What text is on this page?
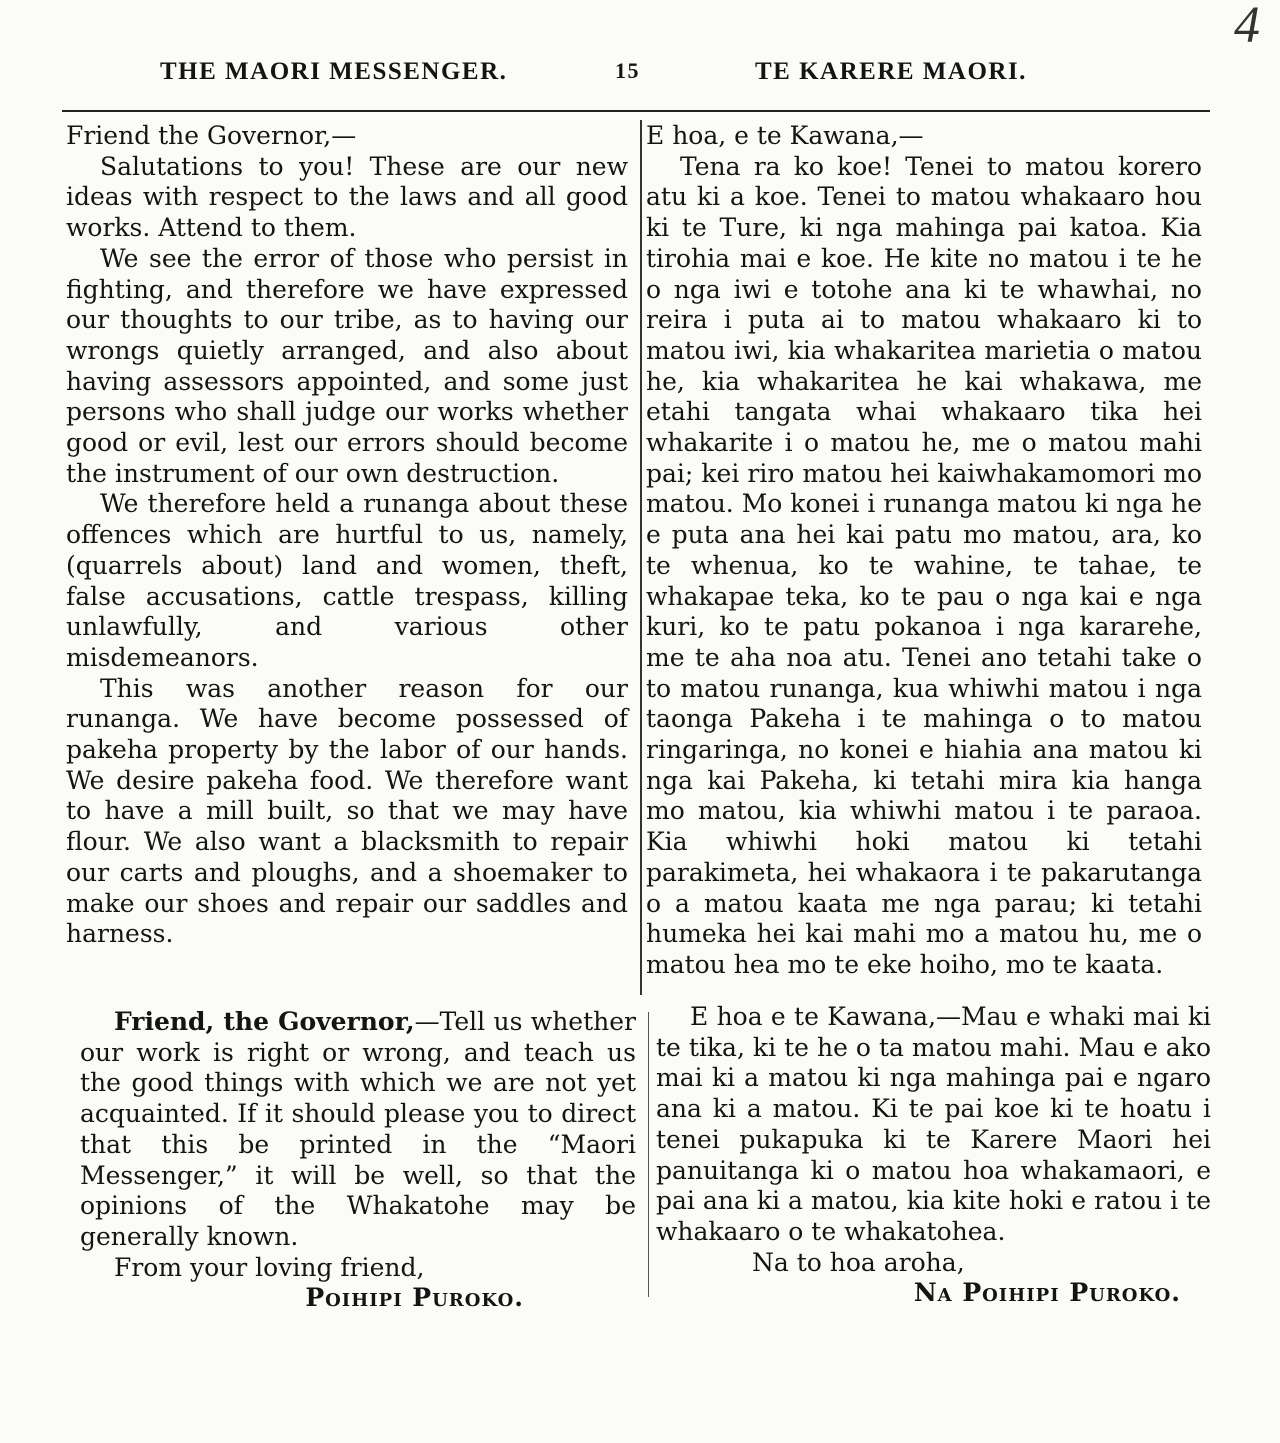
THE MAORI MESSENGER.	15	TE KARERE MAORI.
4

Friend the Governor,—

Salutations to you! These are our new ideas with respect to the laws and all good works. Attend to them.

We see the error of those who persist in fighting, and therefore we have expressed our thoughts to our tribe, as to having our wrongs quietly arranged, and also about having assessors appointed, and some just persons who shall judge our works whether good or evil, lest our errors should become the instrument of our own destruction.

We therefore held a runanga about these offences which are hurtful to us, namely, (quarrels about) land and women, theft, false accusations, cattle trespass, killing unlawfully, and various other misdemeanors.

This was another reason for our runanga. We have become possessed of pakeha property by the labor of our hands. We desire pakeha food. We therefore want to have a mill built, so that we may have flour. We also want a blacksmith to repair our carts and ploughs, and a shoemaker to make our shoes and repair our saddles and harness.

E hoa, e te Kawana,—

Tena ra ko koe! Tenei to matou korero atu ki a koe. Tenei to matou whakaaro hou ki te Ture, ki nga mahinga pai katoa. Kia tirohia mai e koe. He kite no matou i te he o nga iwi e totohe ana ki te whawhai, no reira i puta ai to matou whakaaro ki to matou iwi, kia whakaritea marietia o matou he, kia whakaritea he kai whakawa, me etahi tangata whai whakaaro tika hei whakarite i o matou he, me o matou mahi pai; kei riro matou hei kaiwhakamomori mo matou. Mo konei i runanga matou ki nga he e puta ana hei kai patu mo matou, ara, ko te whenua, ko te wahine, te tahae, te whakapae teka, ko te pau o nga kai e nga kuri, ko te patu pokanoa i nga kararehe, me te aha noa atu. Tenei ano tetahi take o to matou runanga, kua whiwhi matou i nga taonga Pakeha i te mahinga o to matou ringaringa, no konei e hiahia ana matou ki nga kai Pakeha, ki tetahi mira kia hanga mo matou, kia whiwhi matou i te paraoa. Kia whiwhi hoki matou ki tetahi parakimeta, hei whakaora i te pakarutanga o a matou kaata me nga parau; ki tetahi humeka hei kai mahi mo a matou hu, me o matou hea mo te eke hoiho, mo te kaata.

Friend, the Governor,—Tell us whether our work is right or wrong, and teach us the good things with which we are not yet acquainted. If it should please you to direct that this be printed in the “Maori Messenger,” it will be well, so that the opinions of the Whakatohe may be generally known.

From your loving friend,

Poihipi Puroko.

E hoa e te Kawana,—Mau e whaki mai ki te tika, ki te he o ta matou mahi. Mau e ako mai ki a matou ki nga mahinga pai e ngaro ana ki a matou. Ki te pai koe ki te hoatu i tenei pukapuka ki te Karere Maori hei panuitanga ki o matou hoa whakamaori, e pai ana ki a matou, kia kite hoki e ratou i te whakaaro o te whakatohea.

Na to hoa aroha,

Na Poihipi Puroko.
